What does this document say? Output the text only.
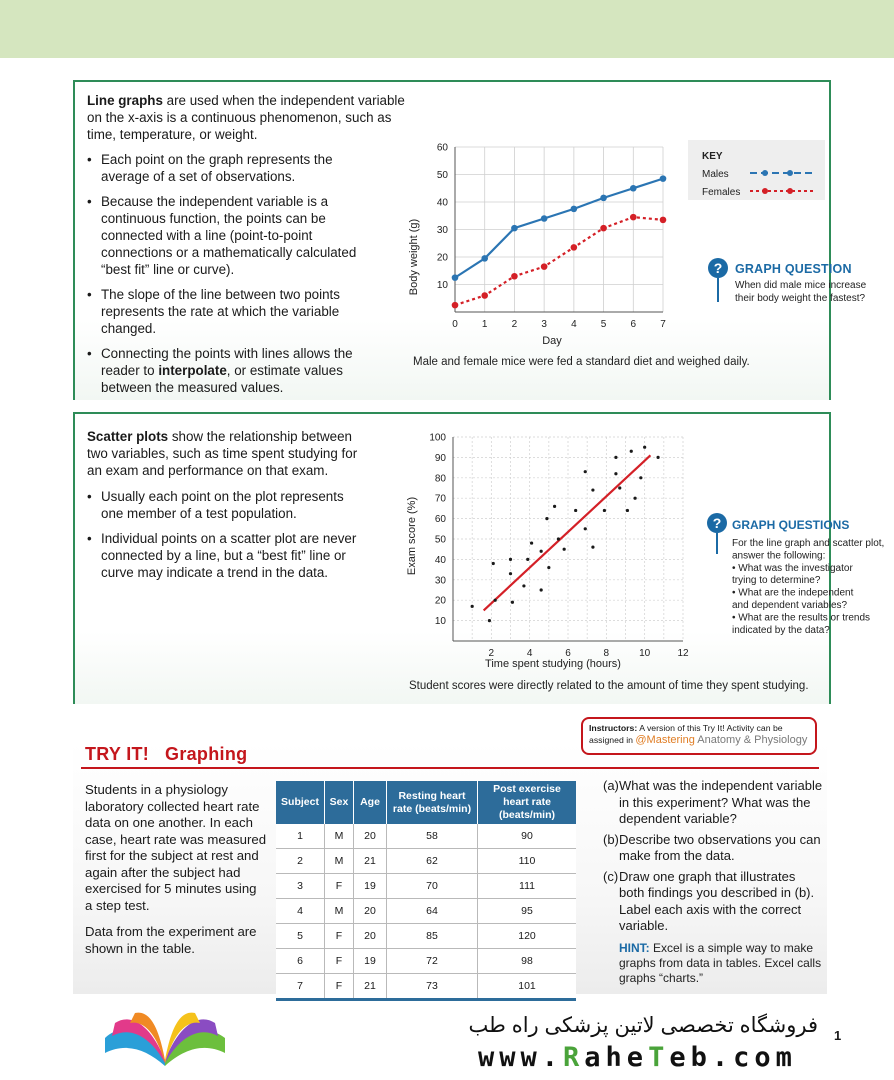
Line graphs are used when the independent variable on the x-axis is a continuous phenomenon, such as time, temperature, or weight.
• Each point on the graph represents the average of a set of observations.
• Because the independent variable is a continuous function, the points can be connected with a line (point-to-point connections or a mathematically calculated “best fit” line or curve).
• The slope of the line between two points represents the rate at which the variable changed.
• Connecting the points with lines allows the reader to interpolate, or estimate values between the measured values.
0 1 2 3 4 5 6 7
10
20
30
40
50
60
Body weight (g)
Day
KEY
Males
Females
? GRAPH QUESTION
When did male mice increase
their body weight the fastest?
Male and female mice were fed a standard diet and weighed daily.
Scatter plots show the relationship between two variables, such as time spent studying for an exam and performance on that exam.
• Usually each point on the plot represents one member of a test population.
• Individual points on a scatter plot are never connected by a line, but a “best fit” line or curve may indicate a trend in the data.
2	4	6	8	10	12
10
20
30
40
50
60
70
80
90
100
Exam score (%)
Time spent studying (hours)
? GRAPH QUESTIONS
For the line graph and scatter plot,
answer the following:
• What was the investigator
trying to determine?
• What are the independent
and dependent variables?
• What are the results or trends
indicated by the data?
Student scores were directly related to the amount of time they spent studying.
TRY IT! Graphing
Instructors: A version of this Try It! Activity can be
assigned in @Mastering Anatomy & Physiology

Students in a physiology laboratory collected heart rate data on one another. In each case, heart rate was measured first for the subject at rest and again after the subject had exercised for 5 minutes using a step test.

Data from the experiment are shown in the table.

Subject	Sex	Age	Resting heart rate (beats/min)	Post exercise heart rate (beats/min)
1	M	20	58	90
2	M	21	62	110
3	F	19	70	111
4	M	20	64	95
5	F	20	85	120
6	F	19	72	98
7	F	21	73	101
(a) What was the independent variable in this experiment? What was the dependent variable?
(b) Describe two observations you can make from the data.
(c) Draw one graph that illustrates both findings you described in (b). Label each axis with the correct variable.
HINT: Excel is a simple way to make graphs from data in tables. Excel calls graphs “charts.”
فروشگاه تخصصی لاتین پزشکی راه طب
www.RaheTeb.com
1
